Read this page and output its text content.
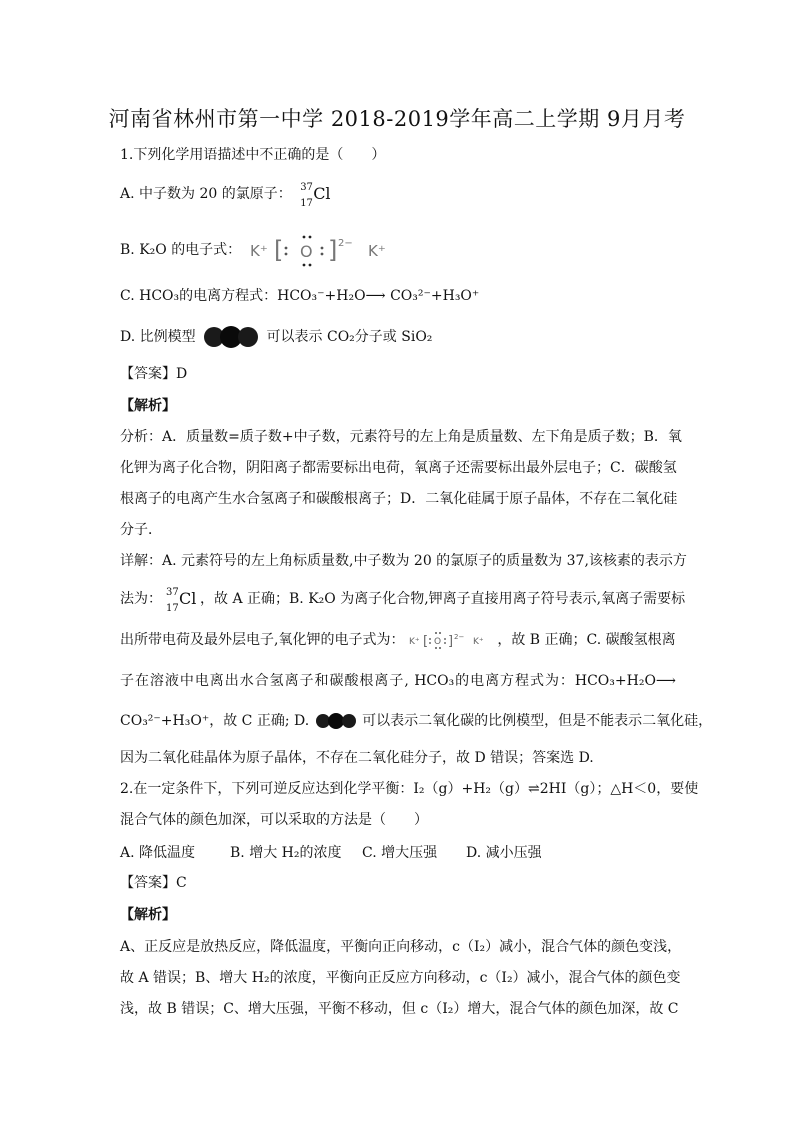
河南省林州市第一中学 2018-2019学年高二上学期 9月月考
1.下列化学用语描述中不正确的是（　　）
A. 中子数为 20 的氯原子： 37
17
Cl
B. K₂O 的电子式： K⁺ [ O ] 2− K⁺
C. HCO₃的电离方程式：HCO₃⁻+H₂O⟶ CO₃²⁻+H₃O⁺
D. 比例模型	可以表示 CO₂分子或 SiO₂
【答案】D
【解析】
分析：A．质量数=质子数+中子数，元素符号的左上角是质量数、左下角是质子数；B．氧
化钾为离子化合物，阴阳离子都需要标出电荷，氧离子还需要标出最外层电子；C．碳酸氢
根离子的电离产生水合氢离子和碳酸根离子；D．二氧化硅属于原子晶体，不存在二氧化硅
分子．
详解：A. 元素符号的左上角标质量数,中子数为 20 的氯原子的质量数为 37,该核素的表示方
法为： 37
17
Cl ，故 A 正确；B. K₂O 为离子化合物,钾离子直接用离子符号表示,氧离子需要标
出所带电荷及最外层电子,氧化钾的电子式为： K⁺ [ O ] 2− K⁺ ，故 B 正确；C. 碳酸氢根离
子在溶液中电离出水合氢离子和碳酸根离子, HCO₃的电离方程式为：HCO₃+H₂O⟶
CO₃²⁻+H₃O⁺，故 C 正确; D.	可以表示二氧化碳的比例模型，但是不能表示二氧化硅，
因为二氧化硅晶体为原子晶体，不存在二氧化硅分子，故 D 错误；答案选 D.
2.在一定条件下，下列可逆反应达到化学平衡：I₂（g）+H₂（g）⇌2HI（g）；△H＜0，要使
混合气体的颜色加深，可以采取的方法是（　　）
A. 降低温度 B. 增大 H₂的浓度 C. 增大压强 D. 减小压强
【答案】C
【解析】
A、正反应是放热反应，降低温度，平衡向正向移动，c（I₂）减小，混合气体的颜色变浅，
故 A 错误；B、增大 H₂的浓度，平衡向正反应方向移动，c（I₂）减小，混合气体的颜色变
浅，故 B 错误；C、增大压强，平衡不移动，但 c（I₂）增大，混合气体的颜色加深，故 C
